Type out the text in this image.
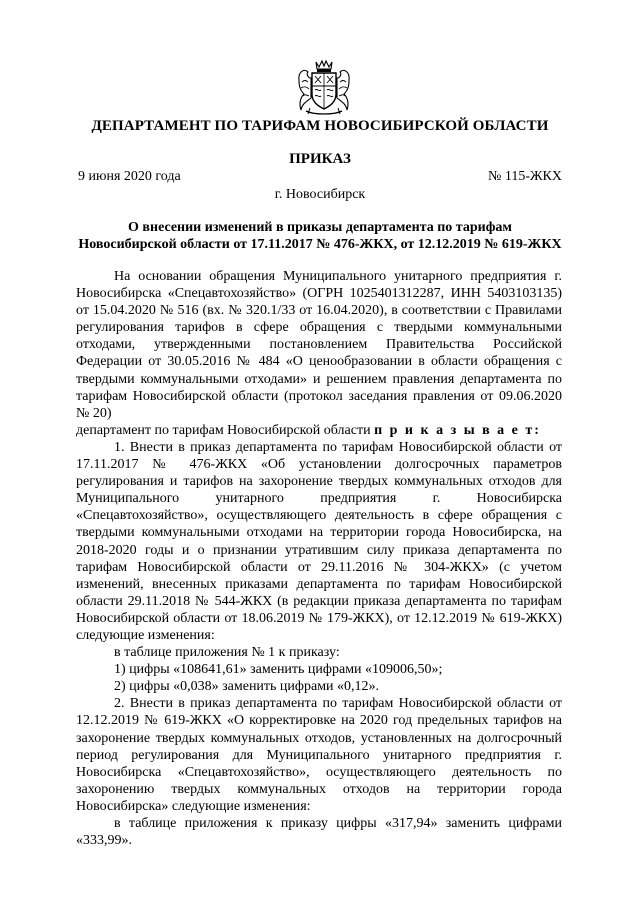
ДЕПАРТАМЕНТ ПО ТАРИФАМ НОВОСИБИРСКОЙ ОБЛАСТИ
ПРИКАЗ
9 июня 2020 года	№ 115-ЖКХ
г. Новосибирск
О внесении изменений в приказы департамента по тарифам Новосибирской области от 17.11.2017 № 476-ЖКХ, от 12.12.2019 № 619-ЖКХ

На основании обращения Муниципального унитарного предприятия г. Новосибирска «Спецавтохозяйство» (ОГРН 1025401312287, ИНН 5403103135) от 15.04.2020 № 516 (вх. № 320.1/33 от 16.04.2020), в соответствии с Правилами регулирования тарифов в сфере обращения с твердыми коммунальными отходами, утвержденными постановлением Правительства Российской Федерации от 30.05.2016 № 484 «О ценообразовании в области обращения с твердыми коммунальными отходами» и решением правления департамента по тарифам Новосибирской области (протокол заседания правления от 09.06.2020 № 20)

департамент по тарифам Новосибирской области п р и к а з ы в а е т:

1. Внести в приказ департамента по тарифам Новосибирской области от 17.11.2017 № 476-ЖКХ «Об установлении долгосрочных параметров регулирования и тарифов на захоронение твердых коммунальных отходов для Муниципального унитарного предприятия г. Новосибирска «Спецавтохозяйство», осуществляющего деятельность в сфере обращения с твердыми коммунальными отходами на территории города Новосибирска, на 2018-2020 годы и о признании утратившим силу приказа департамента по тарифам Новосибирской области от 29.11.2016 № 304-ЖКХ» (с учетом изменений, внесенных приказами департамента по тарифам Новосибирской области 29.11.2018 № 544-ЖКХ (в редакции приказа департамента по тарифам Новосибирской области от 18.06.2019 № 179-ЖКХ), от 12.12.2019 № 619-ЖКХ) следующие изменения:

в таблице приложения № 1 к приказу:

1) цифры «108641,61» заменить цифрами «109006,50»;

2) цифры «0,038» заменить цифрами «0,12».

2. Внести в приказ департамента по тарифам Новосибирской области от 12.12.2019 № 619-ЖКХ «О корректировке на 2020 год предельных тарифов на захоронение твердых коммунальных отходов, установленных на долгосрочный период регулирования для Муниципального унитарного предприятия г. Новосибирска «Спецавтохозяйство», осуществляющего деятельность по захоронению твердых коммунальных отходов на территории города Новосибирска» следующие изменения:

в таблице приложения к приказу цифры «317,94» заменить цифрами «333,99».
